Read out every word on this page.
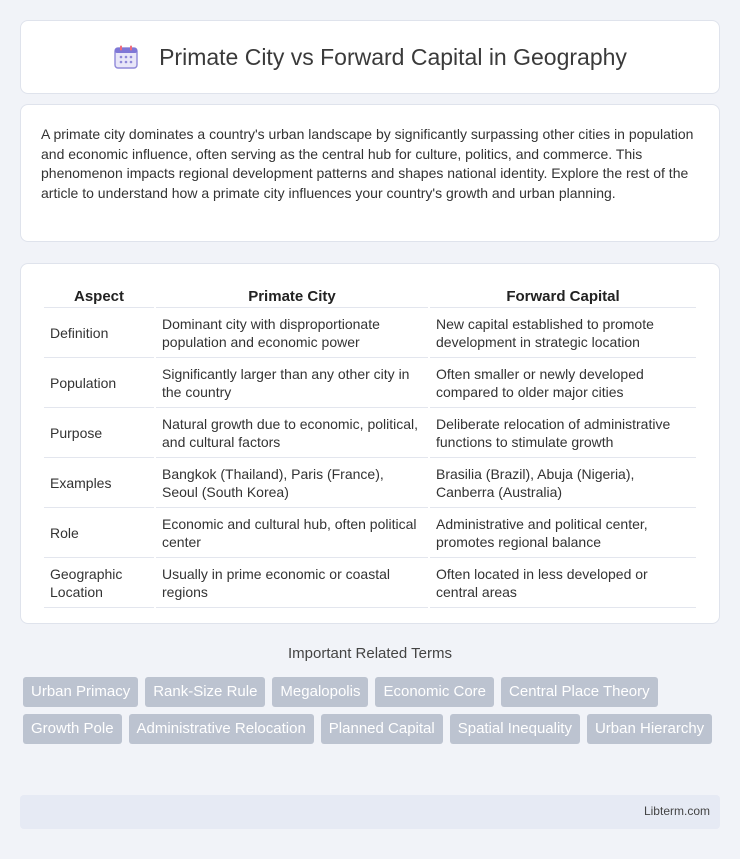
Primate City vs Forward Capital in Geography

A primate city dominates a country's urban landscape by significantly surpassing other cities in population and economic influence, often serving as the central hub for culture, politics, and commerce. This phenomenon impacts regional development patterns and shapes national identity. Explore the rest of the article to understand how a primate city influences your country's growth and urban planning.

Aspect	Primate City	Forward Capital
Definition	Dominant city with disproportionate population and economic power	New capital established to promote development in strategic location
Population	Significantly larger than any other city in the country	Often smaller or newly developed compared to older major cities
Purpose	Natural growth due to economic, political, and cultural factors	Deliberate relocation of administrative functions to stimulate growth
Examples	Bangkok (Thailand), Paris (France), Seoul (South Korea)	Brasilia (Brazil), Abuja (Nigeria), Canberra (Australia)
Role	Economic and cultural hub, often political center	Administrative and political center, promotes regional balance
Geographic Location	Usually in prime economic or coastal regions	Often located in less developed or central areas
Important Related Terms
Urban Primacy	Rank-Size Rule	Megalopolis	Economic Core	Central Place Theory
Growth Pole	Administrative Relocation	Planned Capital	Spatial Inequality	Urban Hierarchy
Libterm.com
